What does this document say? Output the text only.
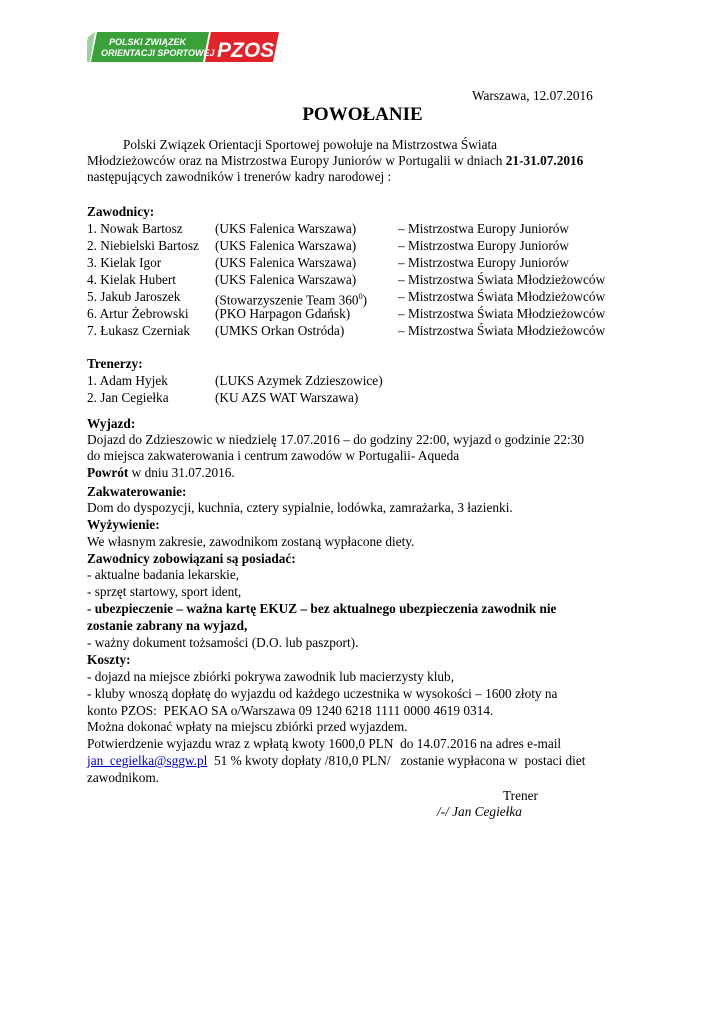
POLSKI ZWIĄZEK
ORIENTACJI SPORTOWEJ PZOS
Warszawa, 12.07.2016
POWOŁANIE
Polski Związek Orientacji Sportowej powołuje na Mistrzostwa Świata
Młodzieżowców oraz na Mistrzostwa Europy Juniorów w Portugalii w dniach 21-31.07.2016
następujących zawodników i trenerów kadry narodowej :
Zawodnicy:
1. Nowak Bartosz (UKS Falenica Warszawa)	– Mistrzostwa Europy Juniorów
2. Niebielski Bartosz (UKS Falenica Warszawa)	– Mistrzostwa Europy Juniorów
3. Kielak Igor	(UKS Falenica Warszawa)	– Mistrzostwa Europy Juniorów
4. Kielak Hubert	(UKS Falenica Warszawa)	– Mistrzostwa Świata Młodzieżowców
5. Jakub Jaroszek	(Stowarzyszenie Team $360^0$) – Mistrzostwa Świata Młodzieżowców
6. Artur Żebrowski (PKO Harpagon Gdańsk)	– Mistrzostwa Świata Młodzieżowców
7. Łukasz Czerniak (UMKS Orkan Ostróda)	– Mistrzostwa Świata Młodzieżowców
Trenerzy:
1. Adam Hyjek	(LUKS Azymek Zdzieszowice)
2. Jan Cegiełka	(KU AZS WAT Warszawa)
Wyjazd:
Dojazd do Zdzieszowic w niedzielę 17.07.2016 – do godziny 22:00, wyjazd o godzinie 22:30
do miejsca zakwaterowania i centrum zawodów w Portugalii- Aqueda
Powrót w dniu 31.07.2016.
Zakwaterowanie:
Dom do dyspozycji, kuchnia, cztery sypialnie, lodówka, zamrażarka, 3 łazienki.
Wyżywienie:
We własnym zakresie, zawodnikom zostaną wypłacone diety.
Zawodnicy zobowiązani są posiadać:
- aktualne badania lekarskie,
- sprzęt startowy, sport ident,
- ubezpieczenie – ważna kartę EKUZ – bez aktualnego ubezpieczenia zawodnik nie
zostanie zabrany na wyjazd,
- ważny dokument tożsamości (D.O. lub paszport).
Koszty:
- dojazd na miejsce zbiórki pokrywa zawodnik lub macierzysty klub,
- kluby wnoszą dopłatę do wyjazdu od każdego uczestnika w wysokości – 1600 złoty na
konto PZOS:  PEKAO SA o/Warszawa 09 1240 6218 1111 0000 4619 0314.
Można dokonać wpłaty na miejscu zbiórki przed wyjazdem.
Potwierdzenie wyjazdu wraz z wpłatą kwoty 1600,0 PLN  do 14.07.2016 na adres e-mail
jan_cegielka@sggw.pl  51 % kwoty dopłaty /810,0 PLN/   zostanie wypłacona w  postaci diet
zawodnikom.
Trener
/-/ Jan Cegiełka
